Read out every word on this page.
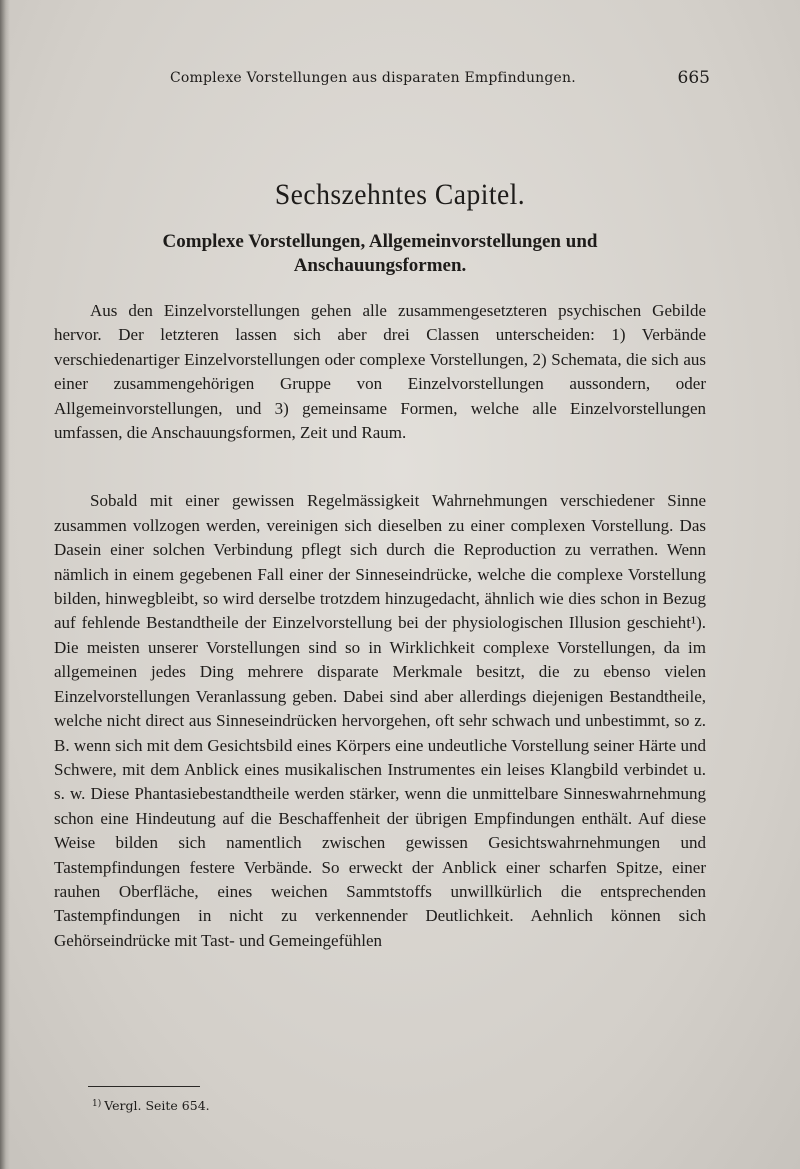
Complexe Vorstellungen aus disparaten Empfindungen.	665
Sechszehntes Capitel.
Complexe Vorstellungen, Allgemeinvorstellungen und Anschauungsformen.

Aus den Einzelvorstellungen gehen alle zusammengesetzteren psychischen Gebilde hervor. Der letzteren lassen sich aber drei Classen unterscheiden: 1) Verbände verschiedenartiger Einzelvorstellungen oder complexe Vorstellungen, 2) Schemata, die sich aus einer zusammengehörigen Gruppe von Einzelvorstellungen aussondern, oder Allgemeinvorstellungen, und 3) gemeinsame Formen, welche alle Einzelvorstellungen umfassen, die Anschauungsformen, Zeit und Raum.

Sobald mit einer gewissen Regelmässigkeit Wahrnehmungen verschiedener Sinne zusammen vollzogen werden, vereinigen sich dieselben zu einer complexen Vorstellung. Das Dasein einer solchen Verbindung pflegt sich durch die Reproduction zu verrathen. Wenn nämlich in einem gegebenen Fall einer der Sinneseindrücke, welche die complexe Vorstellung bilden, hinwegbleibt, so wird derselbe trotzdem hinzugedacht, ähnlich wie dies schon in Bezug auf fehlende Bestandtheile der Einzelvorstellung bei der physiologischen Illusion geschieht¹). Die meisten unserer Vorstellungen sind so in Wirklichkeit complexe Vorstellungen, da im allgemeinen jedes Ding mehrere disparate Merkmale besitzt, die zu ebenso vielen Einzelvorstellungen Veranlassung geben. Dabei sind aber allerdings diejenigen Bestandtheile, welche nicht direct aus Sinneseindrücken hervorgehen, oft sehr schwach und unbestimmt, so z. B. wenn sich mit dem Gesichtsbild eines Körpers eine undeutliche Vorstellung seiner Härte und Schwere, mit dem Anblick eines musikalischen Instrumentes ein leises Klangbild verbindet u. s. w. Diese Phantasiebestandtheile werden stärker, wenn die unmittelbare Sinneswahrnehmung schon eine Hindeutung auf die Beschaffenheit der übrigen Empfindungen enthält. Auf diese Weise bilden sich namentlich zwischen gewissen Gesichtswahrnehmungen und Tastempfindungen festere Verbände. So erweckt der Anblick einer scharfen Spitze, einer rauhen Oberfläche, eines weichen Sammtstoffs unwillkürlich die entsprechenden Tastempfindungen in nicht zu verkennender Deutlichkeit. Aehnlich können sich Gehörseindrücke mit Tast- und Gemeingefühlen

$^{1)}$ Vergl. Seite 654.
